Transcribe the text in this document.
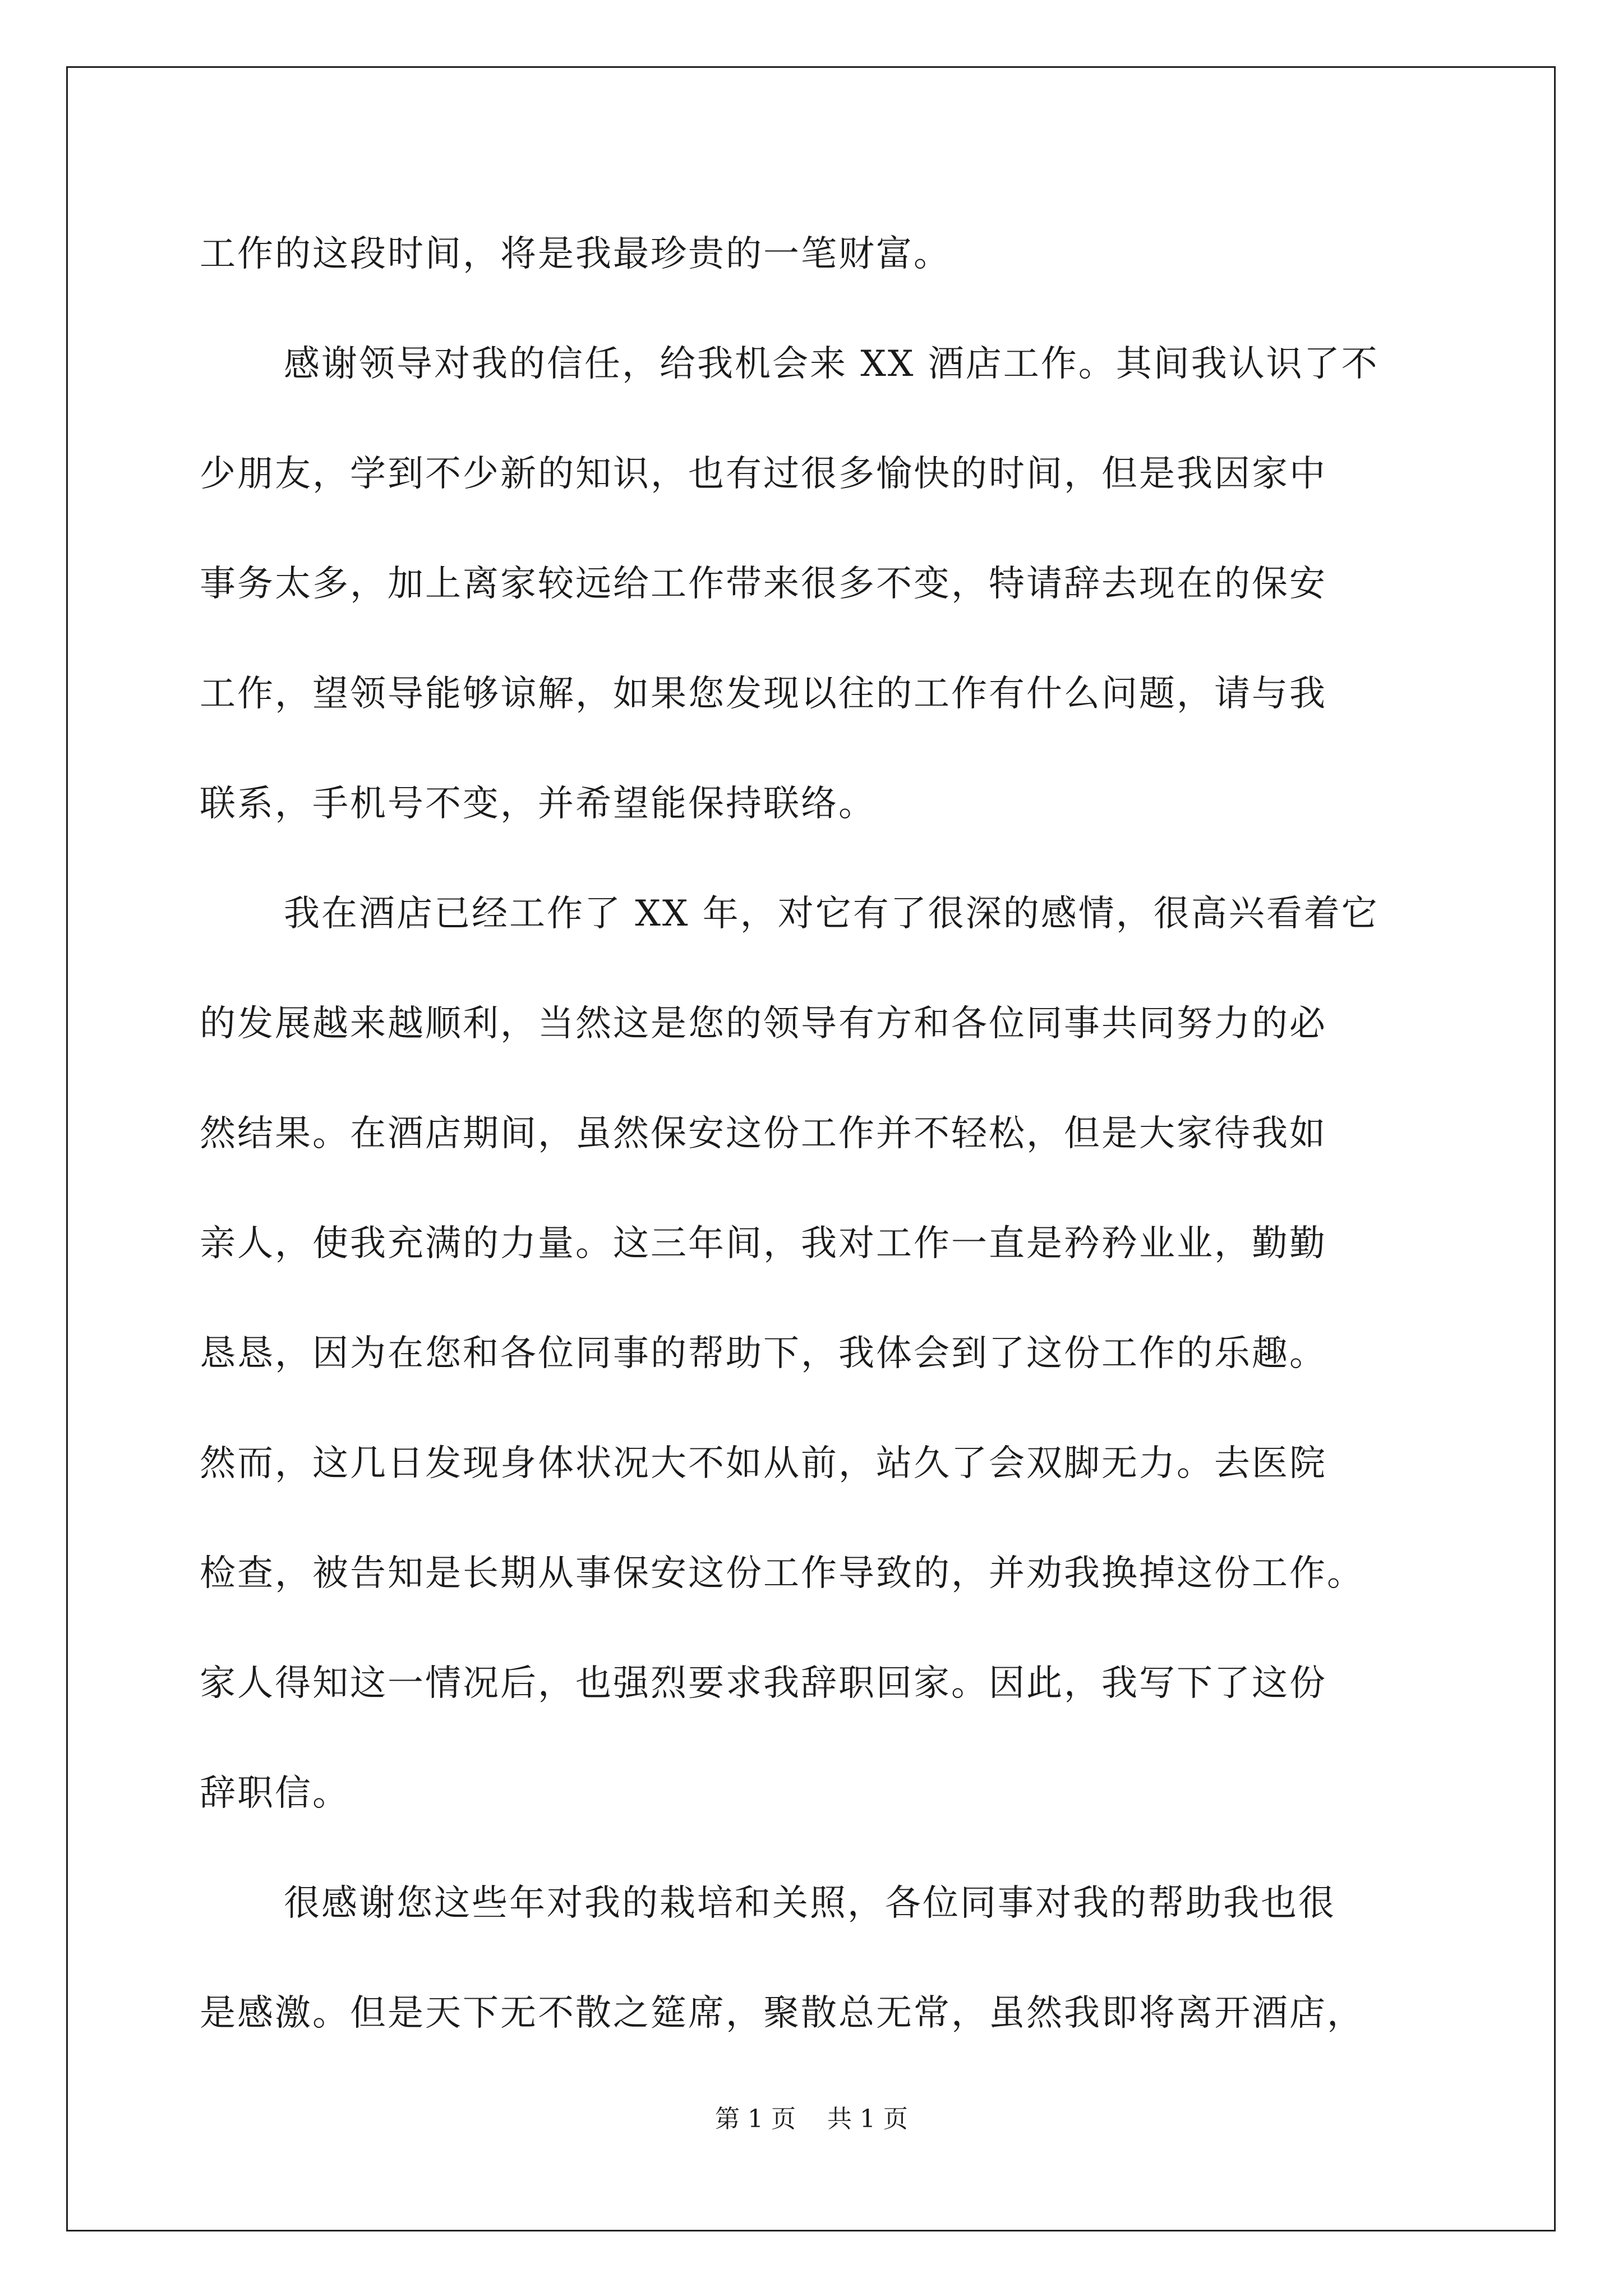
工作的这段时间，将是我最珍贵的一笔财富。
感谢领导对我的信任，给我机会来 XX 酒店工作。其间我认识了不
少朋友，学到不少新的知识，也有过很多愉快的时间，但是我因家中
事务太多，加上离家较远给工作带来很多不变，特请辞去现在的保安
工作，望领导能够谅解，如果您发现以往的工作有什么问题，请与我
联系，手机号不变，并希望能保持联络。
我在酒店已经工作了 XX 年，对它有了很深的感情，很高兴看着它
的发展越来越顺利，当然这是您的领导有方和各位同事共同努力的必
然结果。在酒店期间，虽然保安这份工作并不轻松，但是大家待我如
亲人，使我充满的力量。这三年间，我对工作一直是矜矜业业，勤勤
恳恳，因为在您和各位同事的帮助下，我体会到了这份工作的乐趣。
然而，这几日发现身体状况大不如从前，站久了会双脚无力。去医院
检查，被告知是长期从事保安这份工作导致的，并劝我换掉这份工作。
家人得知这一情况后，也强烈要求我辞职回家。因此，我写下了这份
辞职信。
很感谢您这些年对我的栽培和关照，各位同事对我的帮助我也很
是感激。但是天下无不散之筵席，聚散总无常，虽然我即将离开酒店，
第 1 页    共 1 页
